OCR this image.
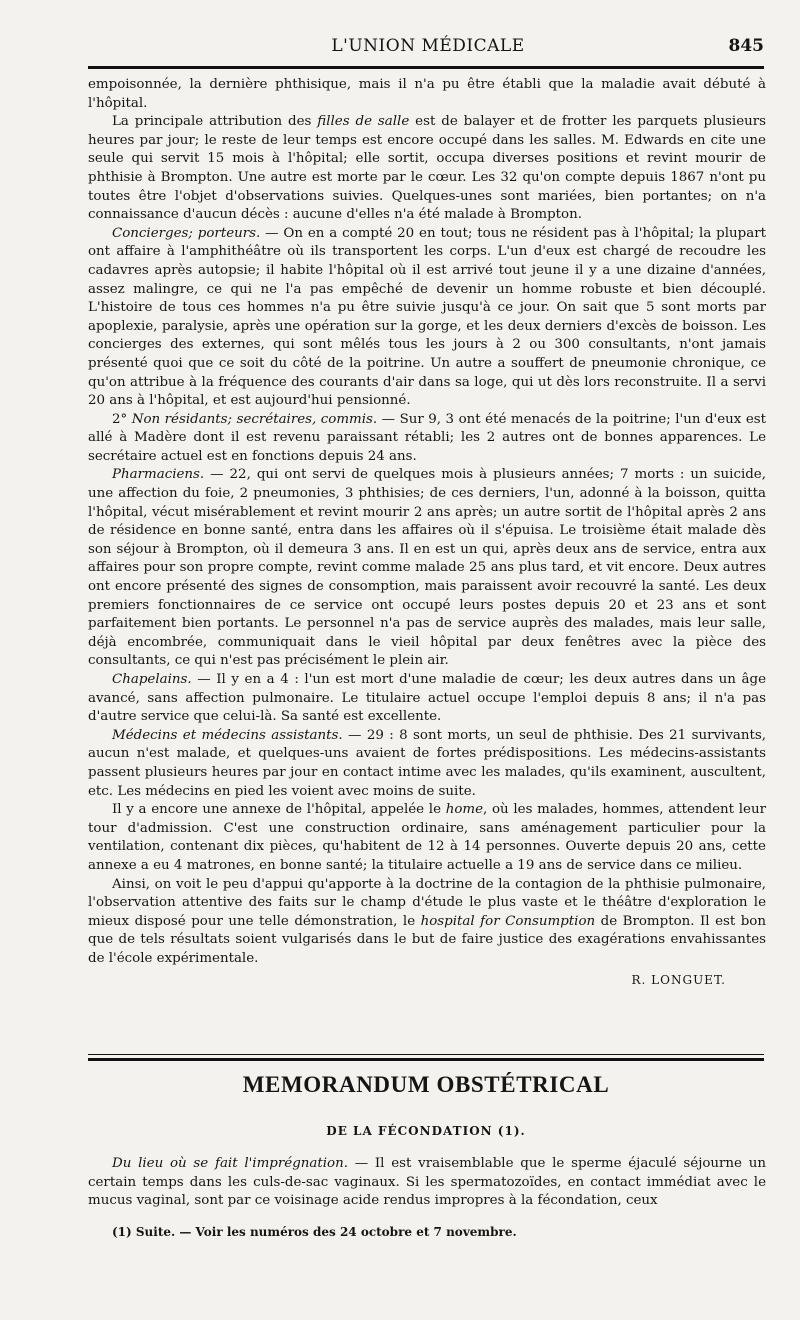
L'UNION MÉDICALE	845

empoisonnée, la dernière phthisique, mais il n'a pu être établi que la maladie avait débuté à l'hôpital.

La principale attribution des filles de salle est de balayer et de frotter les parquets plusieurs heures par jour; le reste de leur temps est encore occupé dans les salles. M. Edwards en cite une seule qui servit 15 mois à l'hôpital; elle sortit, occupa diverses positions et revint mourir de phthisie à Brompton. Une autre est morte par le cœur. Les 32 qu'on compte depuis 1867 n'ont pu toutes être l'objet d'observations suivies. Quelques-unes sont mariées, bien portantes; on n'a connaissance d'aucun décès : aucune d'elles n'a été malade à Brompton.

Concierges; porteurs. — On en a compté 20 en tout; tous ne résident pas à l'hôpital; la plupart ont affaire à l'amphithéâtre où ils transportent les corps. L'un d'eux est chargé de recoudre les cadavres après autopsie; il habite l'hôpital où il est arrivé tout jeune il y a une dizaine d'années, assez malingre, ce qui ne l'a pas empêché de devenir un homme robuste et bien découplé. L'histoire de tous ces hommes n'a pu être suivie jusqu'à ce jour. On sait que 5 sont morts par apoplexie, paralysie, après une opération sur la gorge, et les deux derniers d'excès de boisson. Les concierges des externes, qui sont mêlés tous les jours à 2 ou 300 consultants, n'ont jamais présenté quoi que ce soit du côté de la poitrine. Un autre a souffert de pneumonie chronique, ce qu'on attribue à la fréquence des courants d'air dans sa loge, qui ut dès lors reconstruite. Il a servi 20 ans à l'hôpital, et est aujourd'hui pensionné.

2° Non résidants; secrétaires, commis. — Sur 9, 3 ont été menacés de la poitrine; l'un d'eux est allé à Madère dont il est revenu paraissant rétabli; les 2 autres ont de bonnes apparences. Le secrétaire actuel est en fonctions depuis 24 ans.

Pharmaciens. — 22, qui ont servi de quelques mois à plusieurs années; 7 morts : un suicide, une affection du foie, 2 pneumonies, 3 phthisies; de ces derniers, l'un, adonné à la boisson, quitta l'hôpital, vécut misérablement et revint mourir 2 ans après; un autre sortit de l'hôpital après 2 ans de résidence en bonne santé, entra dans les affaires où il s'épuisa. Le troisième était malade dès son séjour à Brompton, où il demeura 3 ans. Il en est un qui, après deux ans de service, entra aux affaires pour son propre compte, revint comme malade 25 ans plus tard, et vit encore. Deux autres ont encore présenté des signes de consomption, mais paraissent avoir recouvré la santé. Les deux premiers fonctionnaires de ce service ont occupé leurs postes depuis 20 et 23 ans et sont parfaitement bien portants. Le personnel n'a pas de service auprès des malades, mais leur salle, déjà encombrée, communiquait dans le vieil hôpital par deux fenêtres avec la pièce des consultants, ce qui n'est pas précisément le plein air.

Chapelains. — Il y en a 4 : l'un est mort d'une maladie de cœur; les deux autres dans un âge avancé, sans affection pulmonaire. Le titulaire actuel occupe l'emploi depuis 8 ans; il n'a pas d'autre service que celui-là. Sa santé est excellente.

Médecins et médecins assistants. — 29 : 8 sont morts, un seul de phthisie. Des 21 survivants, aucun n'est malade, et quelques-uns avaient de fortes prédispositions. Les médecins-assistants passent plusieurs heures par jour en contact intime avec les malades, qu'ils examinent, auscultent, etc. Les médecins en pied les voient avec moins de suite.

Il y a encore une annexe de l'hôpital, appelée le home, où les malades, hommes, attendent leur tour d'admission. C'est une construction ordinaire, sans aménagement particulier pour la ventilation, contenant dix pièces, qu'habitent de 12 à 14 personnes. Ouverte depuis 20 ans, cette annexe a eu 4 matrones, en bonne santé; la titulaire actuelle a 19 ans de service dans ce milieu.

Ainsi, on voit le peu d'appui qu'apporte à la doctrine de la contagion de la phthisie pulmonaire, l'observation attentive des faits sur le champ d'étude le plus vaste et le théâtre d'exploration le mieux disposé pour une telle démonstration, le hospital for Consumption de Brompton. Il est bon que de tels résultats soient vulgarisés dans le but de faire justice des exagérations envahissantes de l'école expérimentale.

R. LONGUET.
MEMORANDUM OBSTÉTRICAL
DE LA FÉCONDATION (1).

Du lieu où se fait l'imprégnation. — Il est vraisemblable que le sperme éjaculé séjourne un certain temps dans les culs-de-sac vaginaux. Si les spermatozoïdes, en contact immédiat avec le mucus vaginal, sont par ce voisinage acide rendus impropres à la fécondation, ceux

(1) Suite. — Voir les numéros des 24 octobre et 7 novembre.
